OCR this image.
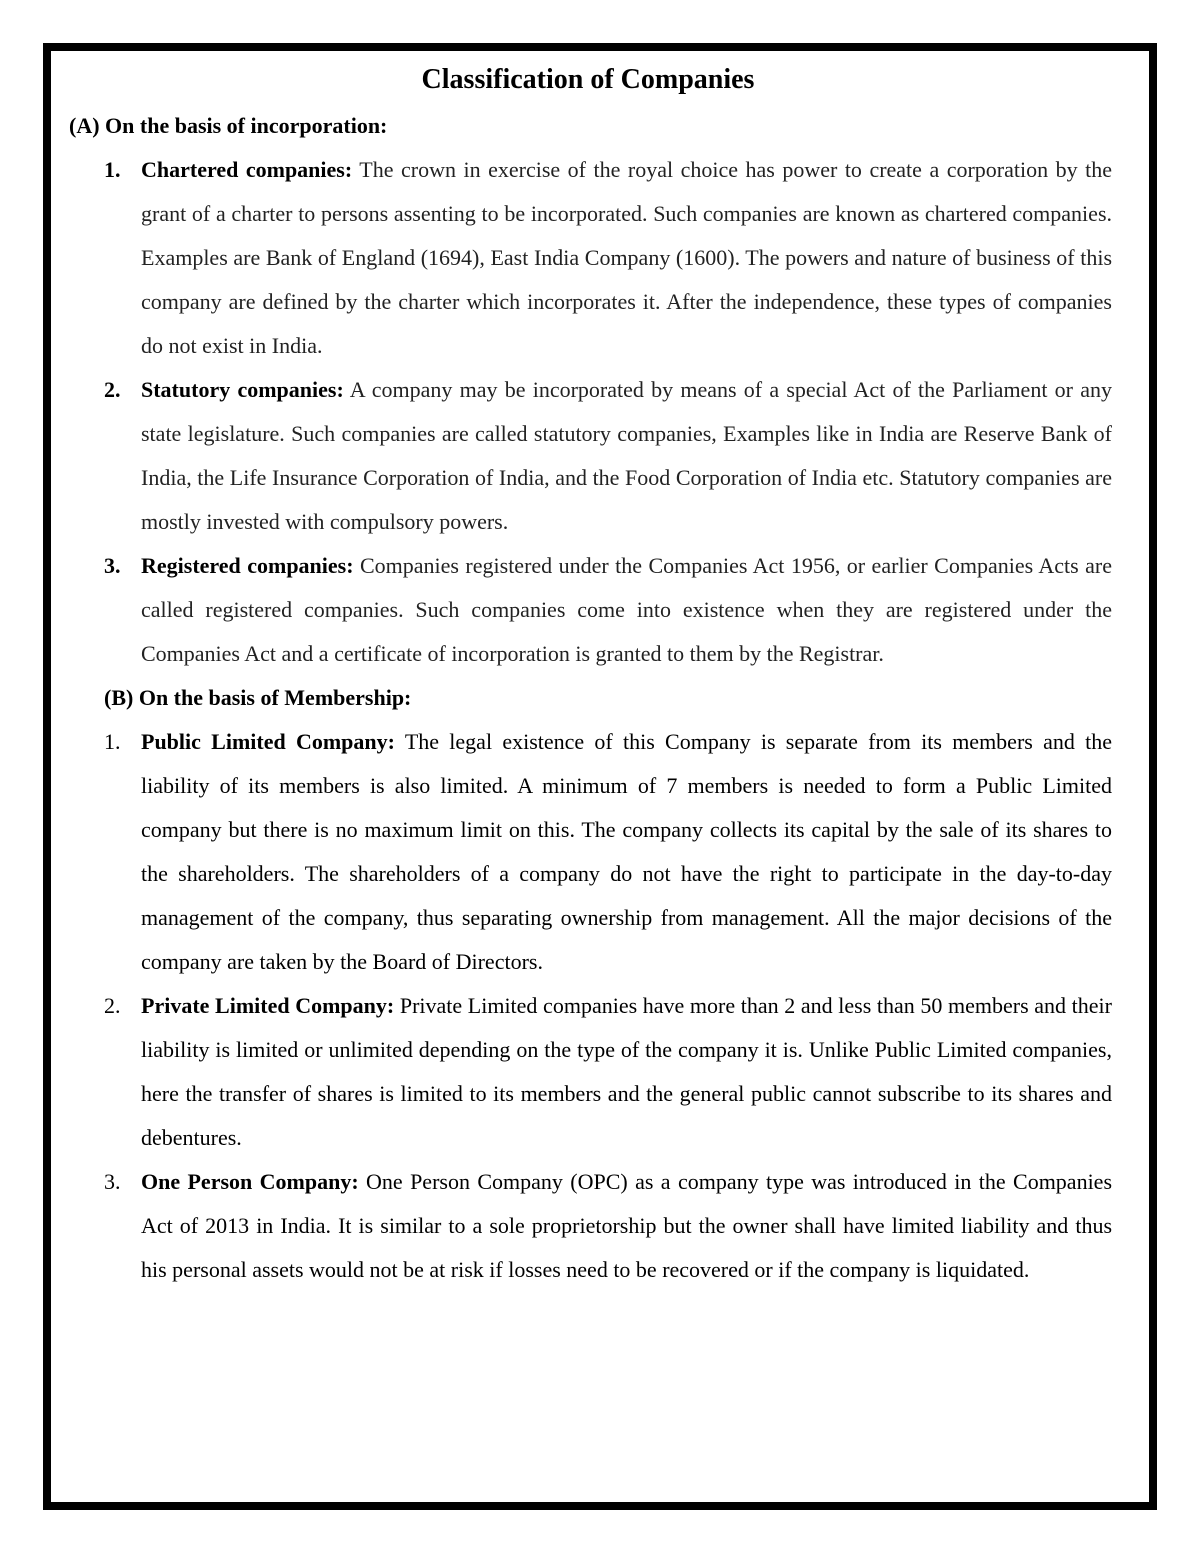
Classification of Companies
(A) On the basis of incorporation:
1. Chartered companies: The crown in exercise of the royal choice has power to create a corporation by the grant of a charter to persons assenting to be incorporated. Such companies are known as chartered companies. Examples are Bank of England (1694), East India Company (1600). The powers and nature of business of this company are defined by the charter which incorporates it. After the independence, these types of companies do not exist in India.
2. Statutory companies: A company may be incorporated by means of a special Act of the Parliament or any state legislature. Such companies are called statutory companies, Examples like in India are Reserve Bank of India, the Life Insurance Corporation of India, and the Food Corporation of India etc. Statutory companies are mostly invested with compulsory powers.
3. Registered companies: Companies registered under the Companies Act 1956, or earlier Companies Acts are called registered companies. Such companies come into existence when they are registered under the Companies Act and a certificate of incorporation is granted to them by the Registrar.
(B) On the basis of Membership:
1. Public Limited Company: The legal existence of this Company is separate from its members and the liability of its members is also limited. A minimum of 7 members is needed to form a Public Limited company but there is no maximum limit on this. The company collects its capital by the sale of its shares to the shareholders. The shareholders of a company do not have the right to participate in the day-to-day management of the company, thus separating ownership from management. All the major decisions of the company are taken by the Board of Directors.
2. Private Limited Company: Private Limited companies have more than 2 and less than 50 members and their liability is limited or unlimited depending on the type of the company it is. Unlike Public Limited companies, here the transfer of shares is limited to its members and the general public cannot subscribe to its shares and debentures.
3. One Person Company: One Person Company (OPC) as a company type was introduced in the Companies Act of 2013 in India. It is similar to a sole proprietorship but the owner shall have limited liability and thus his personal assets would not be at risk if losses need to be recovered or if the company is liquidated.
